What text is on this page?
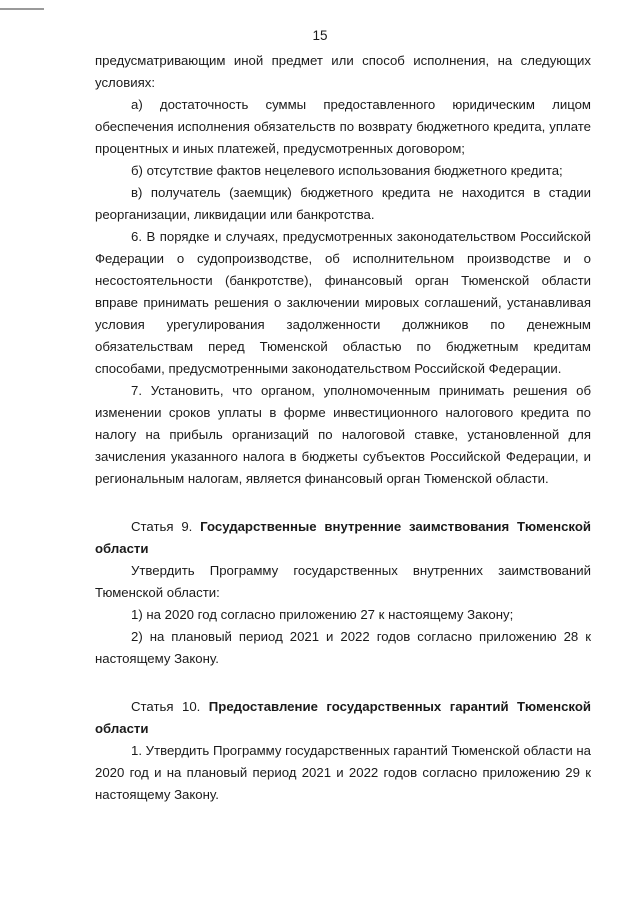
15

предусматривающим иной предмет или способ исполнения, на следующих условиях:

а) достаточность суммы предоставленного юридическим лицом обеспечения исполнения обязательств по возврату бюджетного кредита, уплате процентных и иных платежей, предусмотренных договором;

б) отсутствие фактов нецелевого использования бюджетного кредита;

в) получатель (заемщик) бюджетного кредита не находится в стадии реорганизации, ликвидации или банкротства.

6. В порядке и случаях, предусмотренных законодательством Российской Федерации о судопроизводстве, об исполнительном производстве и о несостоятельности (банкротстве), финансовый орган Тюменской области вправе принимать решения о заключении мировых соглашений, устанавливая условия урегулирования задолженности должников по денежным обязательствам перед Тюменской областью по бюджетным кредитам способами, предусмотренными законодательством Российской Федерации.

7. Установить, что органом, уполномоченным принимать решения об изменении сроков уплаты в форме инвестиционного налогового кредита по налогу на прибыль организаций по налоговой ставке, установленной для зачисления указанного налога в бюджеты субъектов Российской Федерации, и региональным налогам, является финансовый орган Тюменской области.

Статья 9. Государственные внутренние заимствования Тюменской области

Утвердить Программу государственных внутренних заимствований Тюменской области:

1) на 2020 год согласно приложению 27 к настоящему Закону;

2) на плановый период 2021 и 2022 годов согласно приложению 28 к настоящему Закону.

Статья 10. Предоставление государственных гарантий Тюменской области

1. Утвердить Программу государственных гарантий Тюменской области на 2020 год и на плановый период 2021 и 2022 годов согласно приложению 29 к настоящему Закону.
